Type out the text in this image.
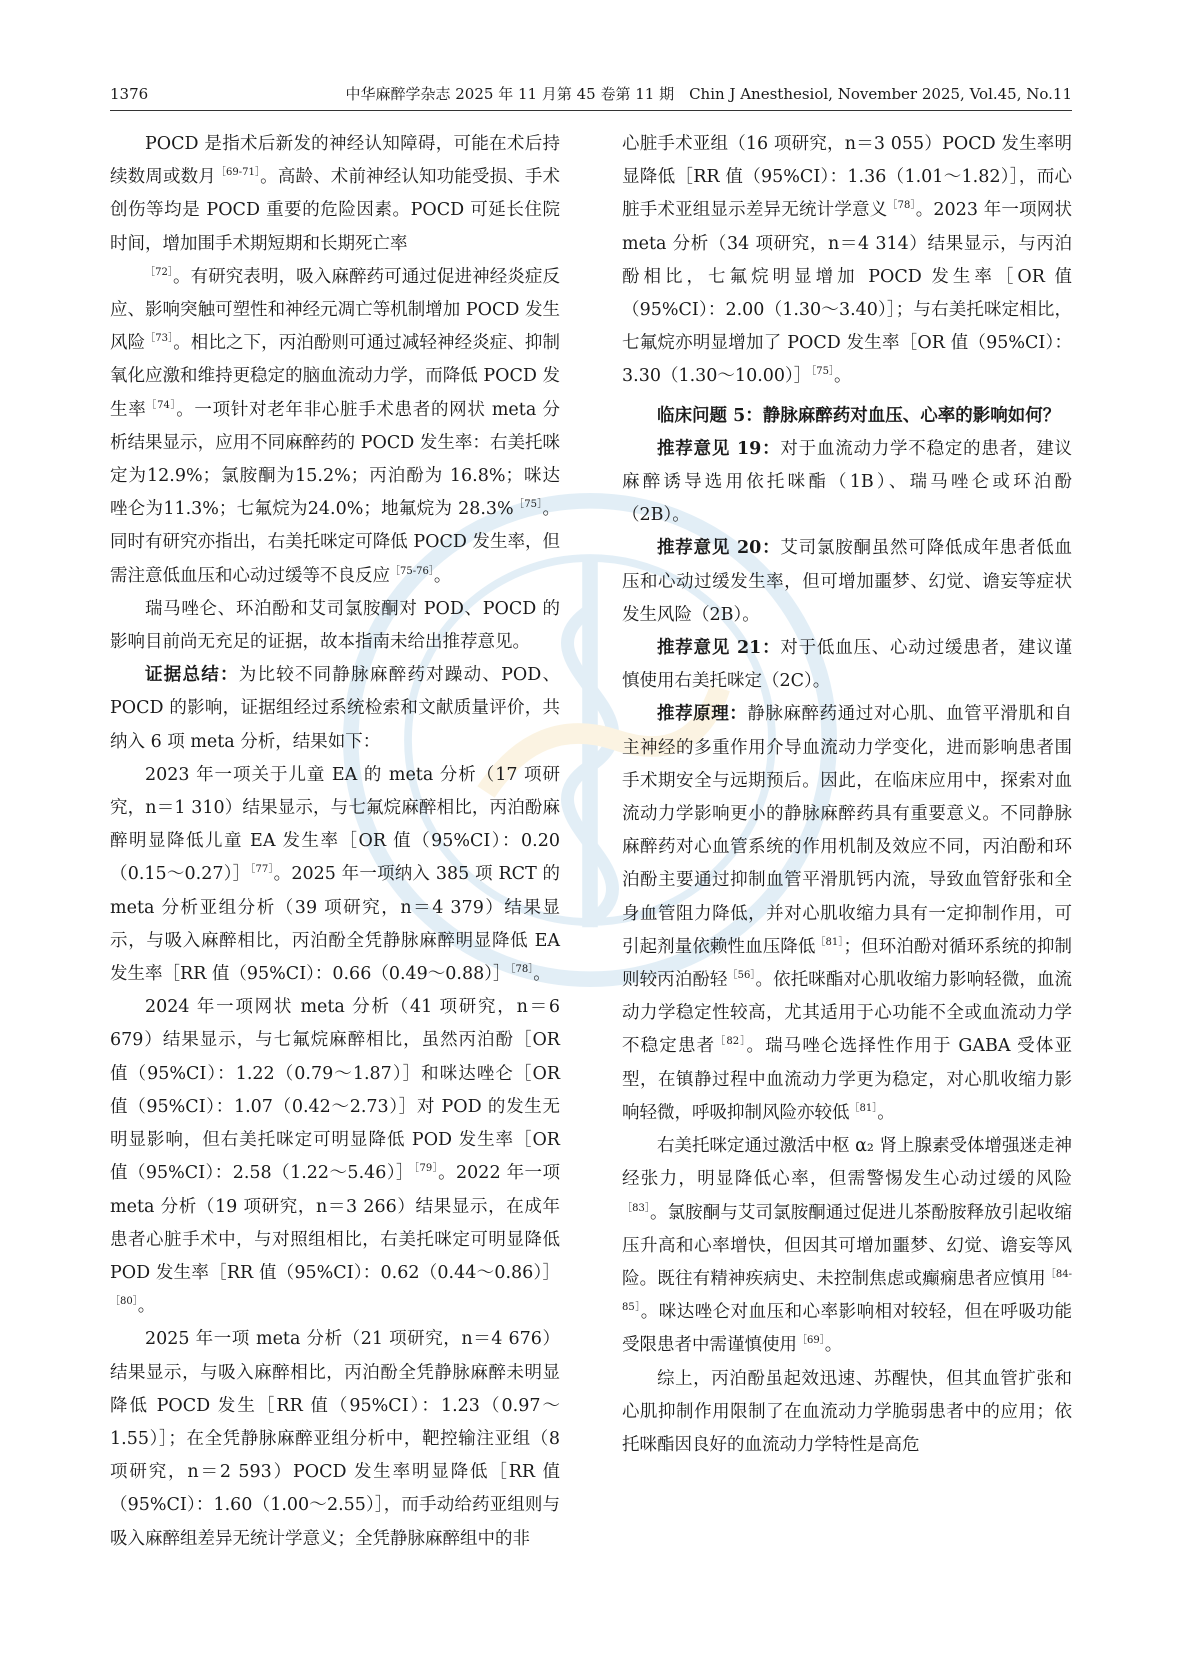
1376	中华麻醉学杂志 2025 年 11 月第 45 卷第 11 期　Chin J Anesthesiol, November 2025, Vol.45, No.11

POCD 是指术后新发的神经认知障碍，可能在术后持续数周或数月$^{[69-71]}$。高龄、术前神经认知功能受损、手术创伤等均是 POCD 重要的危险因素。POCD 可延长住院时间，增加围手术期短期和长期死亡率

$^{[72]}$。有研究表明，吸入麻醉药可通过促进神经炎症反应、影响突触可塑性和神经元凋亡等机制增加 POCD 发生风险$^{[73]}$。相比之下，丙泊酚则可通过减轻神经炎症、抑制氧化应激和维持更稳定的脑血流动力学，而降低 POCD 发生率$^{[74]}$。一项针对老年非心脏手术患者的网状 meta 分析结果显示，应用不同麻醉药的 POCD 发生率：右美托咪定为12.9%；氯胺酮为15.2%；丙泊酚为 16.8%；咪达唑仑为11.3%；七氟烷为24.0%；地氟烷为 28.3%$^{[75]}$。同时有研究亦指出，右美托咪定可降低 POCD 发生率，但需注意低血压和心动过缓等不良反应$^{[75-76]}$。

瑞马唑仑、环泊酚和艾司氯胺酮对 POD、POCD 的影响目前尚无充足的证据，故本指南未给出推荐意见。

证据总结：为比较不同静脉麻醉药对躁动、POD、POCD 的影响，证据组经过系统检索和文献质量评价，共纳入 6 项 meta 分析，结果如下：

2023 年一项关于儿童 EA 的 meta 分析（17 项研究，n＝1 310）结果显示，与七氟烷麻醉相比，丙泊酚麻醉明显降低儿童 EA 发生率［OR 值（95%CI）：0.20（0.15～0.27）］$^{[77]}$。2025 年一项纳入 385 项 RCT 的 meta 分析亚组分析（39 项研究，n＝4 379）结果显示，与吸入麻醉相比，丙泊酚全凭静脉麻醉明显降低 EA 发生率［RR 值（95%CI）：0.66（0.49～0.88）］$^{[78]}$。

2024 年一项网状 meta 分析（41 项研究，n＝6 679）结果显示，与七氟烷麻醉相比，虽然丙泊酚［OR 值（95%CI）：1.22（0.79～1.87）］和咪达唑仑［OR 值（95%CI）：1.07（0.42～2.73）］对 POD 的发生无明显影响，但右美托咪定可明显降低 POD 发生率［OR 值（95%CI）：2.58（1.22～5.46）］$^{[79]}$。2022 年一项 meta 分析（19 项研究，n＝3 266）结果显示，在成年患者心脏手术中，与对照组相比，右美托咪定可明显降低 POD 发生率［RR 值（95%CI）：0.62（0.44～0.86）］$^{[80]}$。

2025 年一项 meta 分析（21 项研究，n＝4 676）结果显示，与吸入麻醉相比，丙泊酚全凭静脉麻醉未明显降低 POCD 发生［RR 值（95%CI）：1.23（0.97～1.55）］；在全凭静脉麻醉亚组分析中，靶控输注亚组（8 项研究，n＝2 593）POCD 发生率明显降低［RR 值（95%CI）：1.60（1.00～2.55）］，而手动给药亚组则与吸入麻醉组差异无统计学意义；全凭静脉麻醉组中的非

心脏手术亚组（16 项研究，n＝3 055）POCD 发生率明显降低［RR 值（95%CI）：1.36（1.01～1.82）］，而心脏手术亚组显示差异无统计学意义$^{[78]}$。2023 年一项网状 meta 分析（34 项研究，n＝4 314）结果显示，与丙泊酚相比，七氟烷明显增加 POCD 发生率［OR 值（95%CI）：2.00（1.30～3.40）］；与右美托咪定相比，七氟烷亦明显增加了 POCD 发生率［OR 值（95%CI）：3.30（1.30～10.00）］$^{[75]}$。

临床问题 5：静脉麻醉药对血压、心率的影响如何？

推荐意见 19：对于血流动力学不稳定的患者，建议麻醉诱导选用依托咪酯（1B）、瑞马唑仑或环泊酚（2B）。

推荐意见 20：艾司氯胺酮虽然可降低成年患者低血压和心动过缓发生率，但可增加噩梦、幻觉、谵妄等症状发生风险（2B）。

推荐意见 21：对于低血压、心动过缓患者，建议谨慎使用右美托咪定（2C）。

推荐原理：静脉麻醉药通过对心肌、血管平滑肌和自主神经的多重作用介导血流动力学变化，进而影响患者围手术期安全与远期预后。因此，在临床应用中，探索对血流动力学影响更小的静脉麻醉药具有重要意义。不同静脉麻醉药对心血管系统的作用机制及效应不同，丙泊酚和环泊酚主要通过抑制血管平滑肌钙内流，导致血管舒张和全身血管阻力降低，并对心肌收缩力具有一定抑制作用，可引起剂量依赖性血压降低$^{[81]}$；但环泊酚对循环系统的抑制则较丙泊酚轻$^{[56]}$。依托咪酯对心肌收缩力影响轻微，血流动力学稳定性较高，尤其适用于心功能不全或血流动力学不稳定患者$^{[82]}$。瑞马唑仑选择性作用于 GABA 受体亚型，在镇静过程中血流动力学更为稳定，对心肌收缩力影响轻微，呼吸抑制风险亦较低$^{[81]}$。

右美托咪定通过激活中枢 α₂ 肾上腺素受体增强迷走神经张力，明显降低心率，但需警惕发生心动过缓的风险$^{[83]}$。氯胺酮与艾司氯胺酮通过促进儿茶酚胺释放引起收缩压升高和心率增快，但因其可增加噩梦、幻觉、谵妄等风险。既往有精神疾病史、未控制焦虑或癫痫患者应慎用$^{[84-85]}$。咪达唑仑对血压和心率影响相对较轻，但在呼吸功能受限患者中需谨慎使用$^{[69]}$。

综上，丙泊酚虽起效迅速、苏醒快，但其血管扩张和心肌抑制作用限制了在血流动力学脆弱患者中的应用；依托咪酯因良好的血流动力学特性是高危
